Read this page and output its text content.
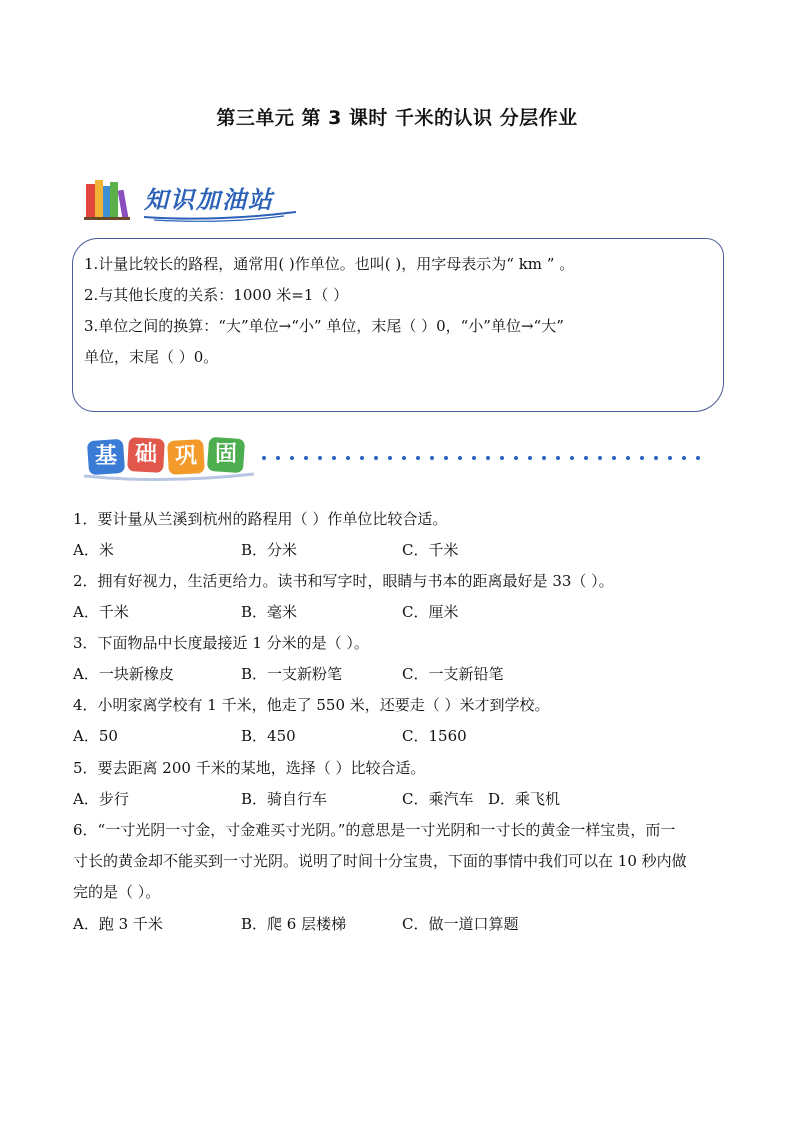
第三单元 第 3 课时 千米的认识 分层作业
知识加油站
1.计量比较长的路程，通常用( )作单位。也叫( )，用字母表示为“ km ” 。
2.与其他长度的关系：1000 米=1（ ）
3.单位之间的换算：“大”单位→“小” 单位，末尾（ ）0，“小”单位→“大”
单位，末尾（ ）0。
基 础 巩 固
1．要计量从兰溪到杭州的路程用（ ）作单位比较合适。
A．米	B．分米	C．千米
2．拥有好视力，生活更给力。读书和写字时，眼睛与书本的距离最好是 33（ ）。
A．千米	B．毫米	C．厘米
3．下面物品中长度最接近 1 分米的是（ ）。
A．一块新橡皮	B．一支新粉笔	C．一支新铅笔
4．小明家离学校有 1 千米，他走了 550 米，还要走（ ）米才到学校。
A．50	B．450	C．1560
5．要去距离 200 千米的某地，选择（ ）比较合适。
A．步行	B．骑自行车	C．乘汽车 D．乘飞机
6．“一寸光阴一寸金，寸金难买寸光阴。”的意思是一寸光阴和一寸长的黄金一样宝贵，而一
寸长的黄金却不能买到一寸光阴。说明了时间十分宝贵，下面的事情中我们可以在 10 秒内做
完的是（ ）。
A．跑 3 千米	B．爬 6 层楼梯	C．做一道口算题
